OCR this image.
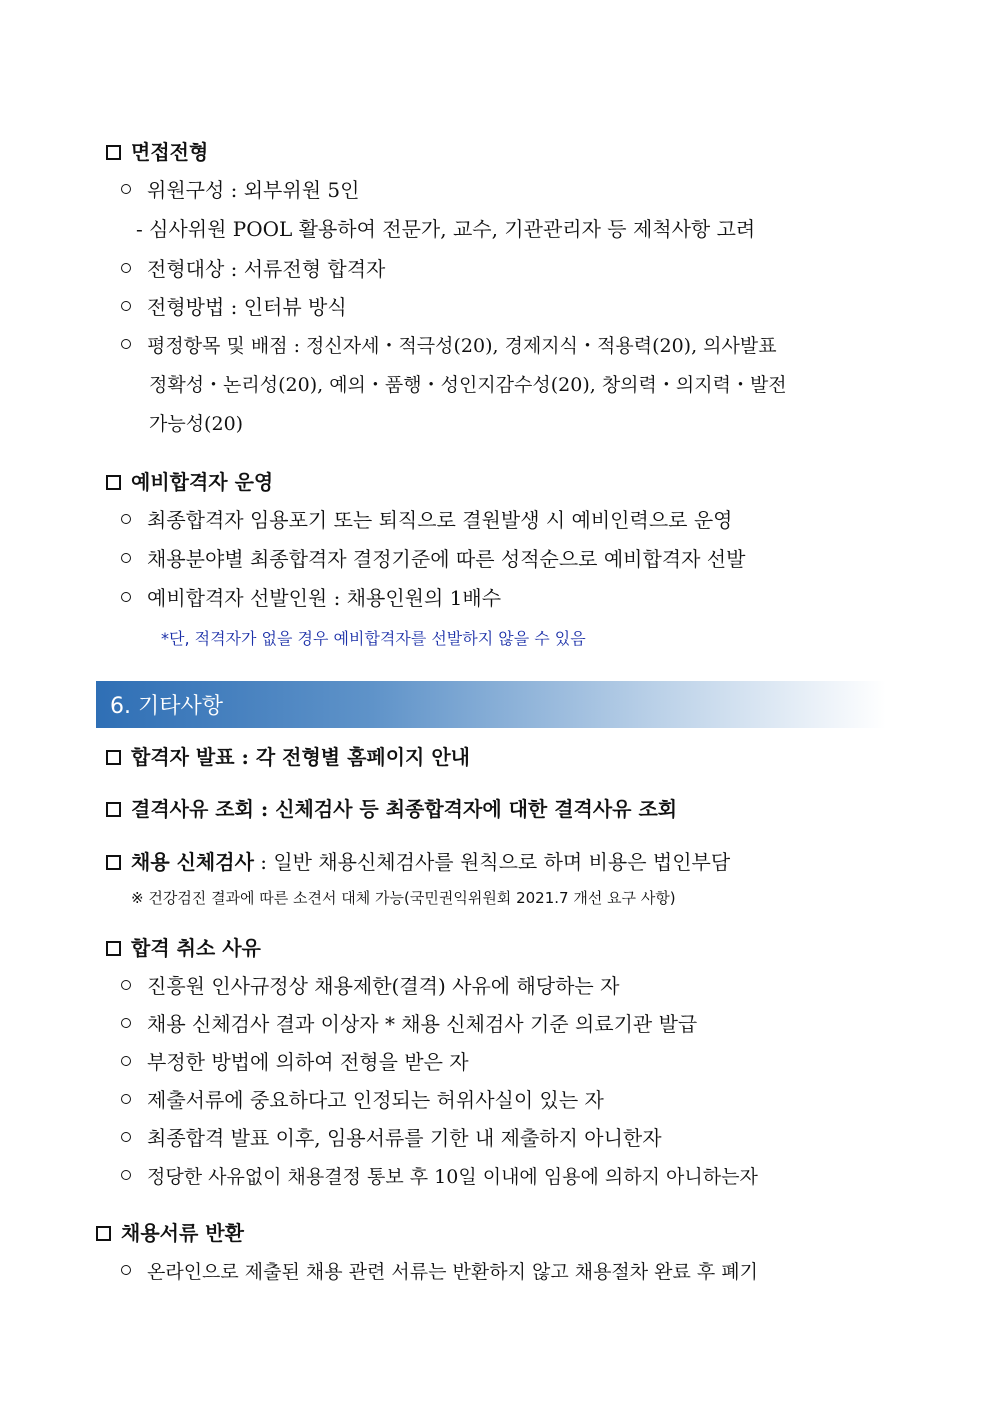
면접전형
위원구성 : 외부위원 5인
- 심사위원 POOL 활용하여 전문가, 교수, 기관관리자 등 제척사항 고려
전형대상 : 서류전형 합격자
전형방법 : 인터뷰 방식
평정항목 및 배점 : 정신자세・적극성(20), 경제지식・적용력(20), 의사발표
정확성・논리성(20), 예의・품행・성인지감수성(20), 창의력・의지력・발전
가능성(20)
예비합격자 운영
최종합격자 임용포기 또는 퇴직으로 결원발생 시 예비인력으로 운영
채용분야별 최종합격자 결정기준에 따른 성적순으로 예비합격자 선발
예비합격자 선발인원 : 채용인원의 1배수
*단, 적격자가 없을 경우 예비합격자를 선발하지 않을 수 있음
6. 기타사항
합격자 발표 : 각 전형별 홈페이지 안내
결격사유 조회 : 신체검사 등 최종합격자에 대한 결격사유 조회
채용 신체검사 : 일반 채용신체검사를 원칙으로 하며 비용은 법인부담
※ 건강검진 결과에 따른 소견서 대체 가능(국민권익위원회 2021.7 개선 요구 사항)
합격 취소 사유
진흥원 인사규정상 채용제한(결격) 사유에 해당하는 자
채용 신체검사 결과 이상자 * 채용 신체검사 기준 의료기관 발급
부정한 방법에 의하여 전형을 받은 자
제출서류에 중요하다고 인정되는 허위사실이 있는 자
최종합격 발표 이후, 임용서류를 기한 내 제출하지 아니한자
정당한 사유없이 채용결정 통보 후 10일 이내에 임용에 의하지 아니하는자
채용서류 반환
온라인으로 제출된 채용 관련 서류는 반환하지 않고 채용절차 완료 후 폐기
